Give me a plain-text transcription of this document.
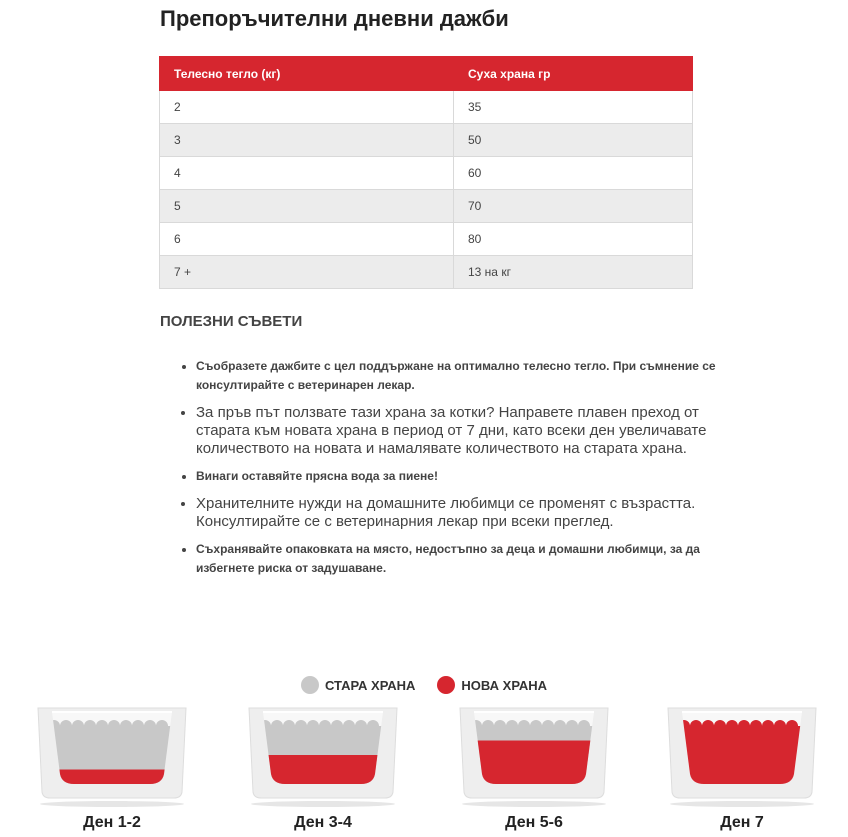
Препоръчителни дневни дажби
Телесно тегло (кг)	Суха храна гр
2	35
3	50
4	60
5	70
6	80
7 +	13 на кг
ПОЛЕЗНИ СЪВЕТИ
• Съобразете дажбите с цел поддържане на оптимално телесно тегло. При съмнение се консултирайте с ветеринарен лекар.
• За пръв път ползвате тази храна за котки? Направете плавен преход от старата към новата храна в период от 7 дни, като всеки ден увеличавате количеството на новата и намалявате количеството на старата храна.
• Винаги оставяйте прясна вода за пиене!
• Хранителните нужди на домашните любимци се променят с възрастта. Консултирайте се с ветеринарния лекар при всеки преглед.
• Съхранявайте опаковката на място, недостъпно за деца и домашни любимци, за да избегнете риска от задушаване.
СТАРА ХРАНА	НОВА ХРАНА
Ден 1-2	Ден 3-4	Ден 5-6	Ден 7
